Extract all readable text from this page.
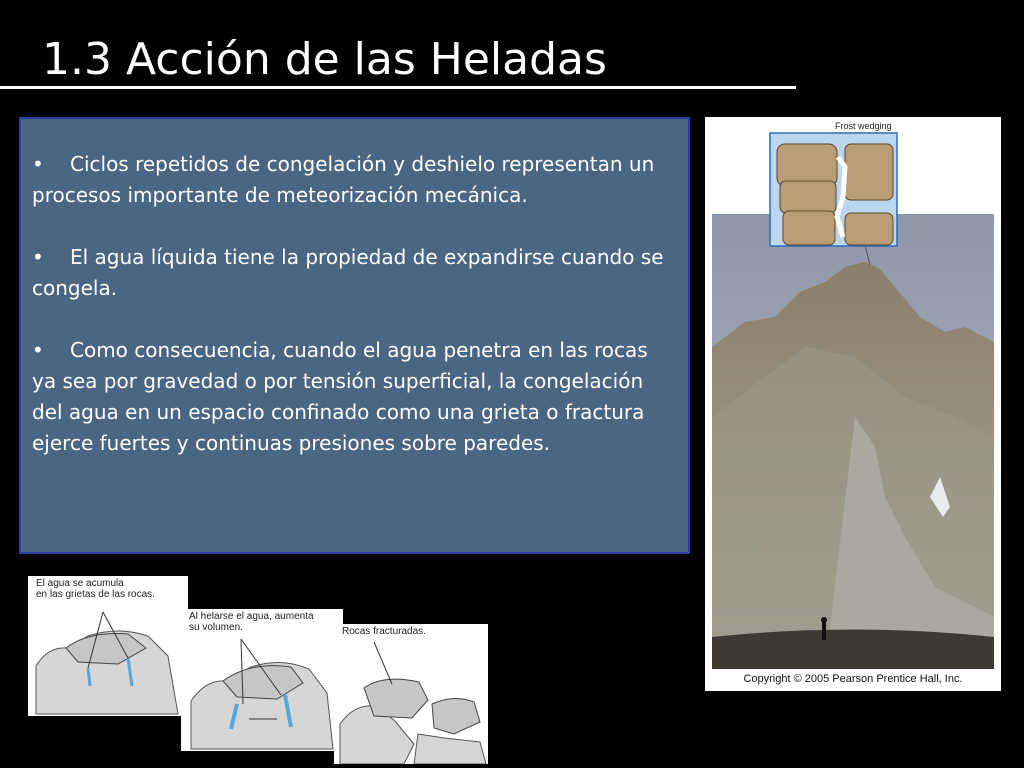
1.3 Acción de las Heladas

• Ciclos repetidos de congelación y deshielo representan un procesos importante de meteorización mecánica.

• El agua líquida tiene la propiedad de expandirse cuando se congela.

• Como consecuencia, cuando el agua penetra en las rocas ya sea por gravedad o por tensión superficial, la congelación del agua en un espacio confinado como una grieta o fractura ejerce fuertes y continuas presiones sobre paredes.

Frost wedging
Copyright © 2005 Pearson Prentice Hall, Inc.
El agua se acumula
en las grietas de las rocas.
Al helarse el agua, aumenta
su volumen.	Rocas fracturadas.
